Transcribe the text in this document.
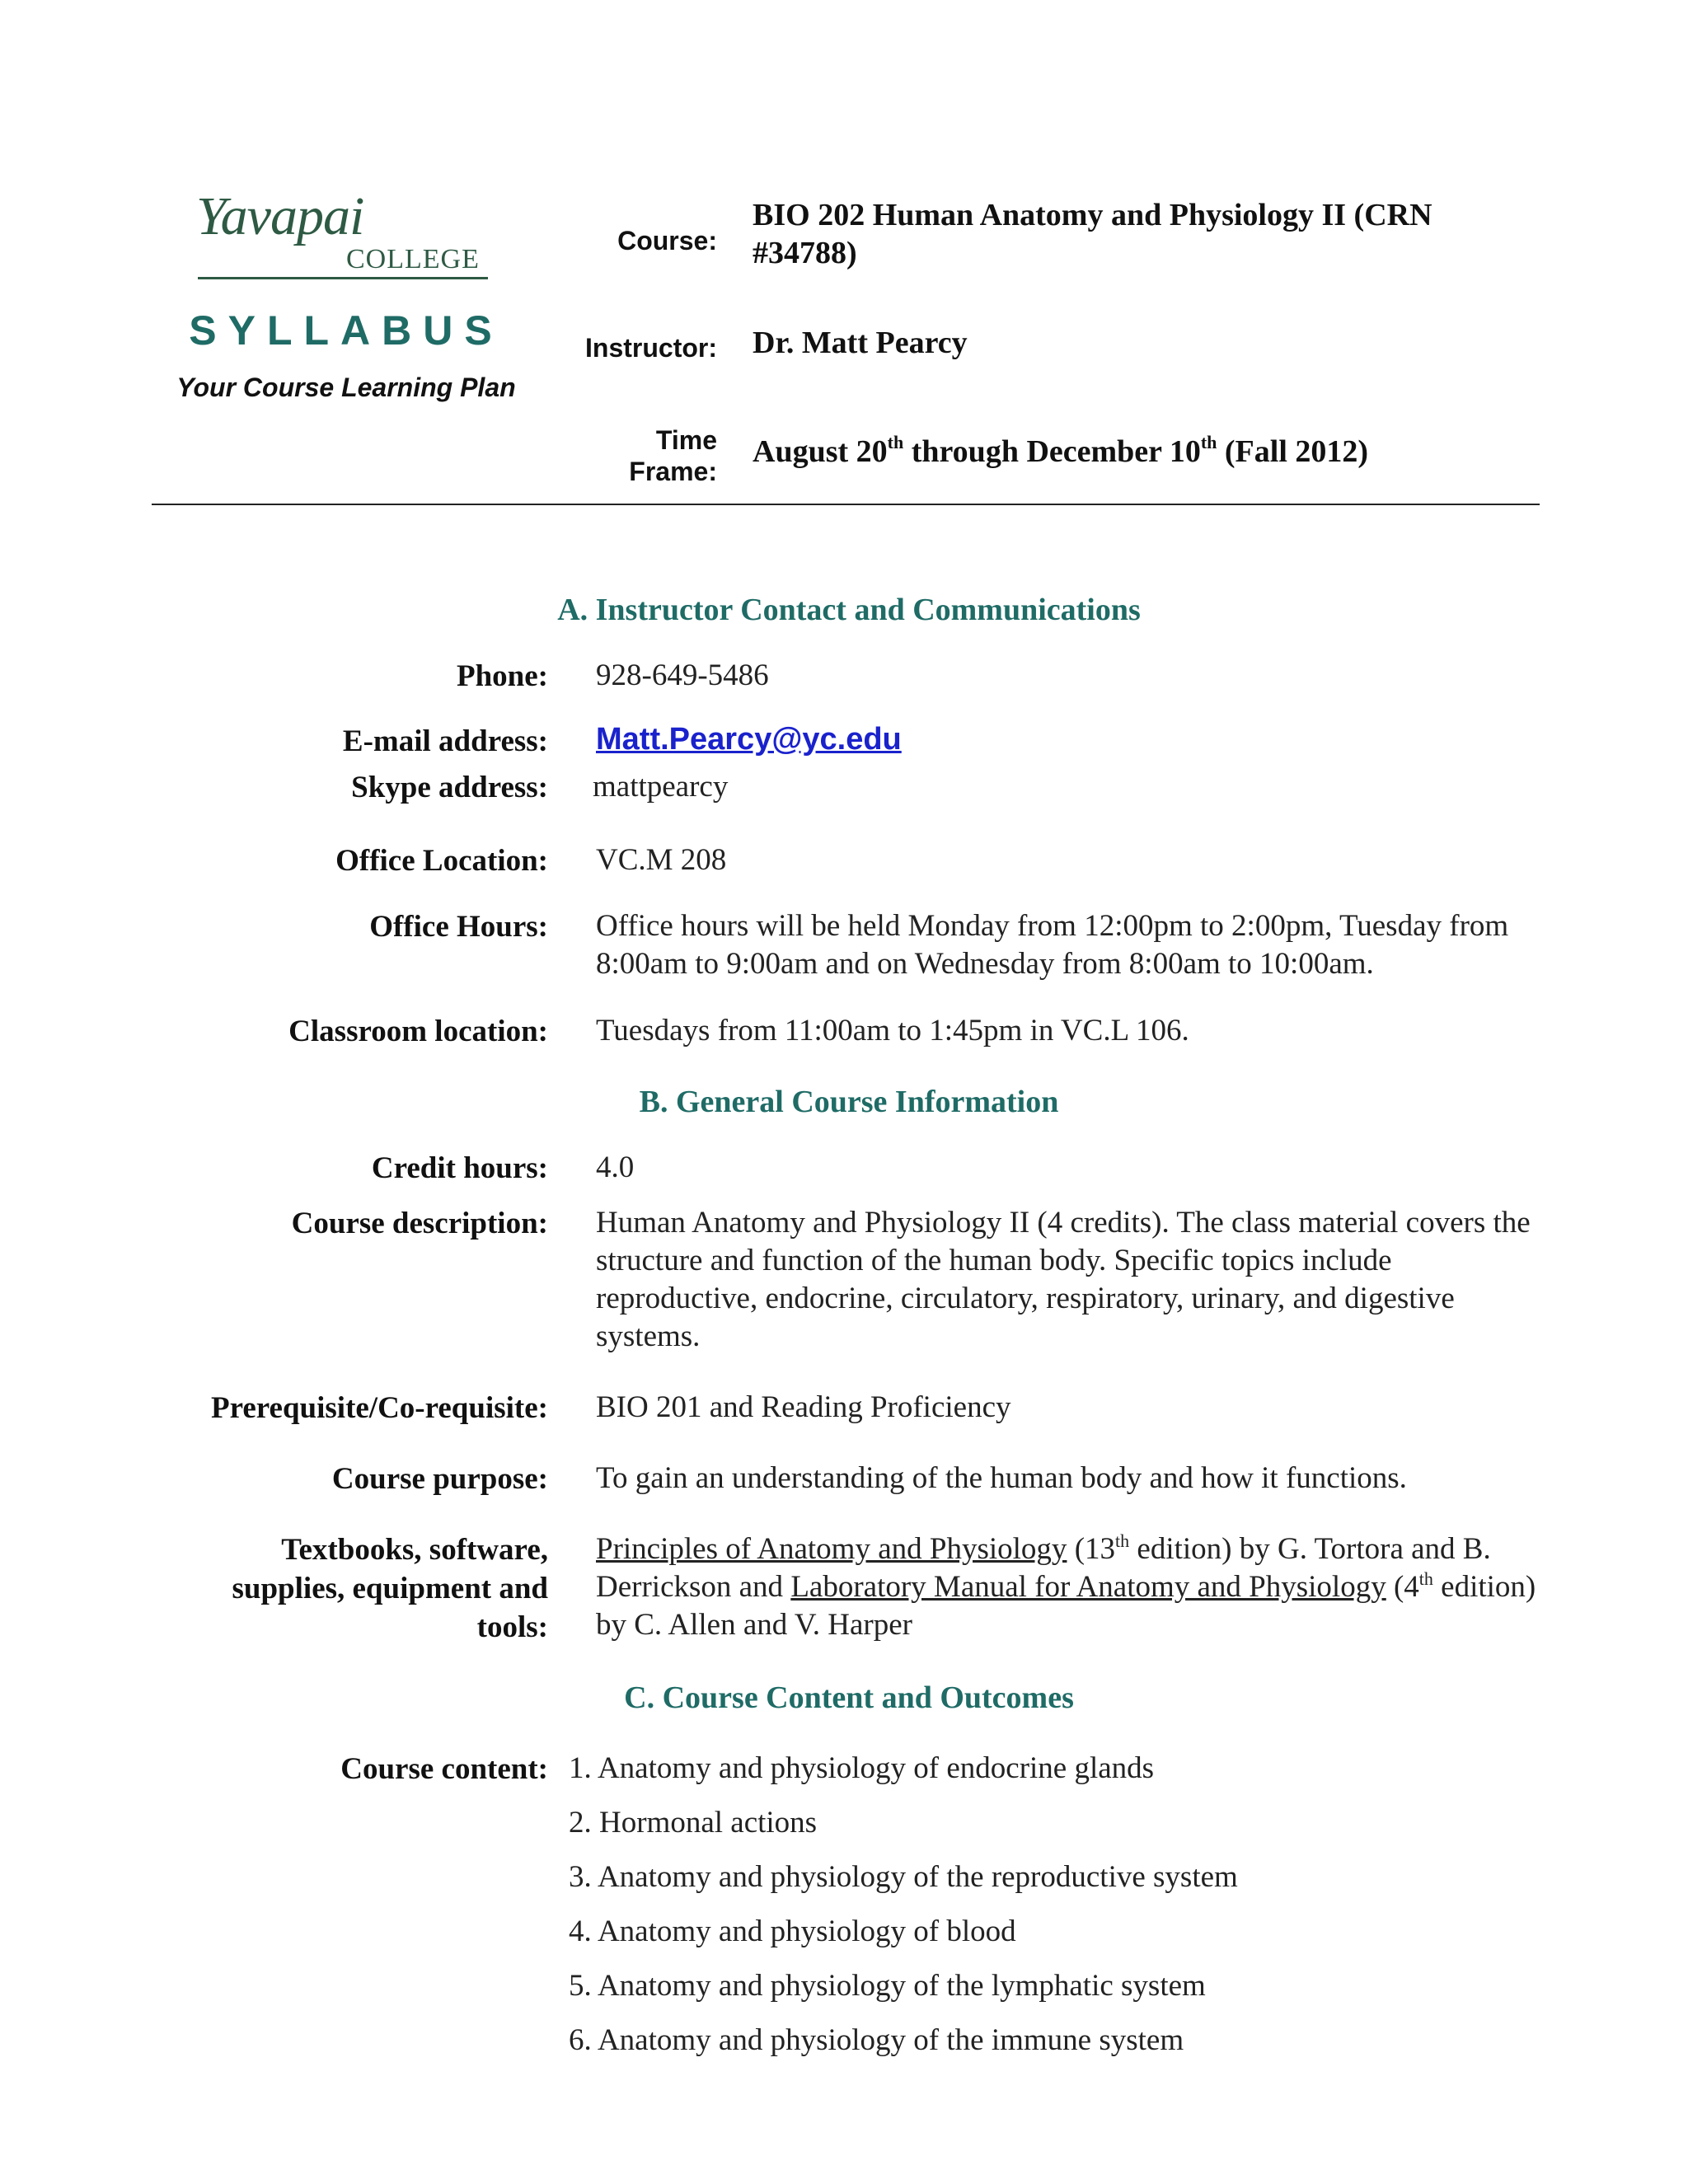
Yavapai
COLLEGE
SYLLABUS
Your Course Learning Plan
Course:
BIO 202 Human Anatomy and Physiology II (CRN #34788)
Instructor: Dr. Matt Pearcy
Time
Frame:
August 20th through December 10th (Fall 2012)
A. Instructor Contact and Communications
Phone: 928-649-5486
E-mail address: Matt.Pearcy@yc.edu
Skype address: mattpearcy
Office Location: VC.M 208
Office Hours: Office hours will be held Monday from 12:00pm to 2:00pm, Tuesday from 8:00am to 9:00am and on Wednesday from 8:00am to 10:00am.
Classroom location: Tuesdays from 11:00am to 1:45pm in VC.L 106.
B. General Course Information
Credit hours: 4.0
Course description: Human Anatomy and Physiology II (4 credits). The class material covers the structure and function of the human body. Specific topics include reproductive, endocrine, circulatory, respiratory, urinary, and digestive systems.
Prerequisite/Co-requisite: BIO 201 and Reading Proficiency
Course purpose: To gain an understanding of the human body and how it functions.
Textbooks, software, supplies, equipment and tools:
Principles of Anatomy and Physiology (13th edition) by G. Tortora and B. Derrickson and Laboratory Manual for Anatomy and Physiology (4th edition) by C. Allen and V. Harper
C. Course Content and Outcomes
Course content: 1. Anatomy and physiology of endocrine glands
2. Hormonal actions
3. Anatomy and physiology of the reproductive system
4. Anatomy and physiology of blood
5. Anatomy and physiology of the lymphatic system
6. Anatomy and physiology of the immune system
